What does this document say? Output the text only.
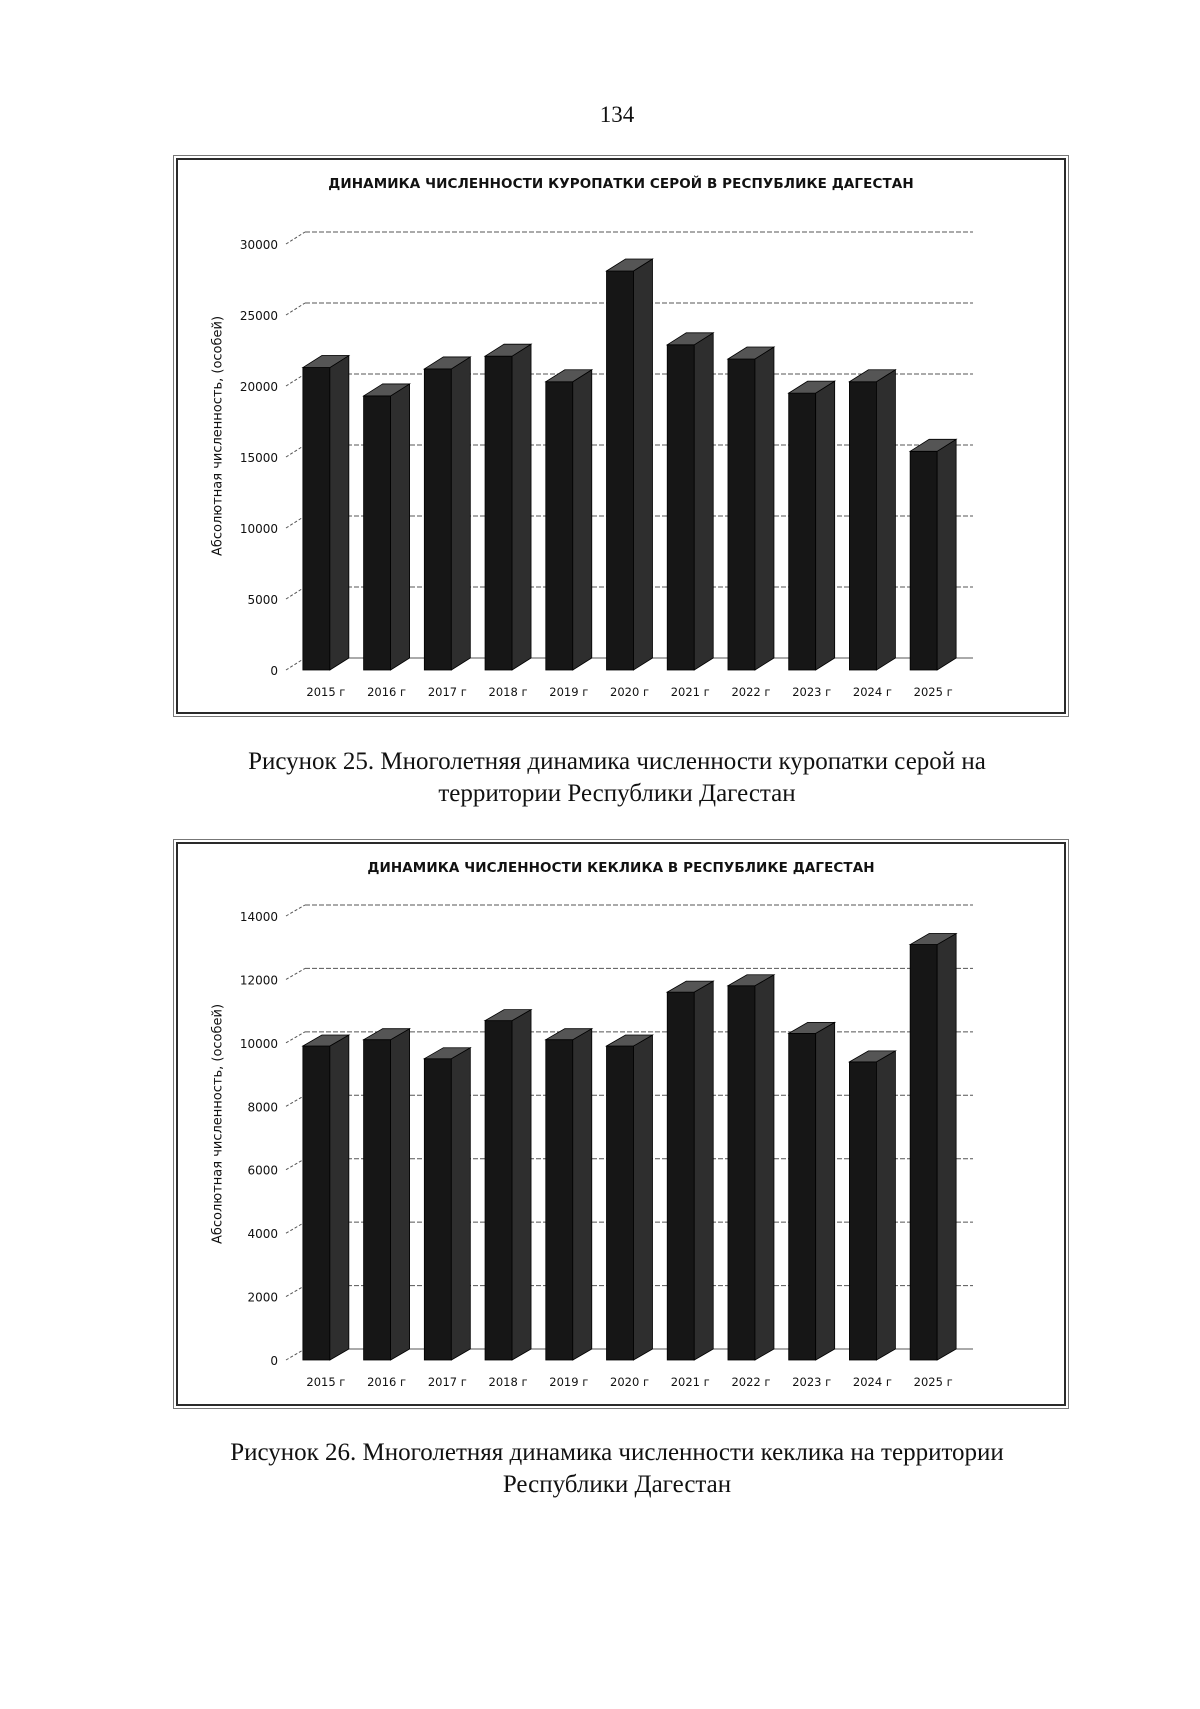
134
ДИНАМИКА ЧИСЛЕННОСТИ КУРОПАТКИ СЕРОЙ В РЕСПУБЛИКЕ ДАГЕСТАН
Абсолютная численность, (особей)
0
5000
10000
15000
20000
25000
30000
2015 г 2016 г 2017 г 2018 г 2019 г 2020 г 2021 г 2022 г 2023 г 2024 г 2025 г
Рисунок 25. Многолетняя динамика численности куропатки серой на
территории Республики Дагестан
ДИНАМИКА ЧИСЛЕННОСТИ КЕКЛИКА В РЕСПУБЛИКЕ ДАГЕСТАН
Абсолютная численность, (особей)
0
2000
4000
6000
8000
10000
12000
14000
2015 г 2016 г 2017 г 2018 г 2019 г 2020 г 2021 г 2022 г 2023 г 2024 г 2025 г
Рисунок 26. Многолетняя динамика численности кеклика на территории
Республики Дагестан
